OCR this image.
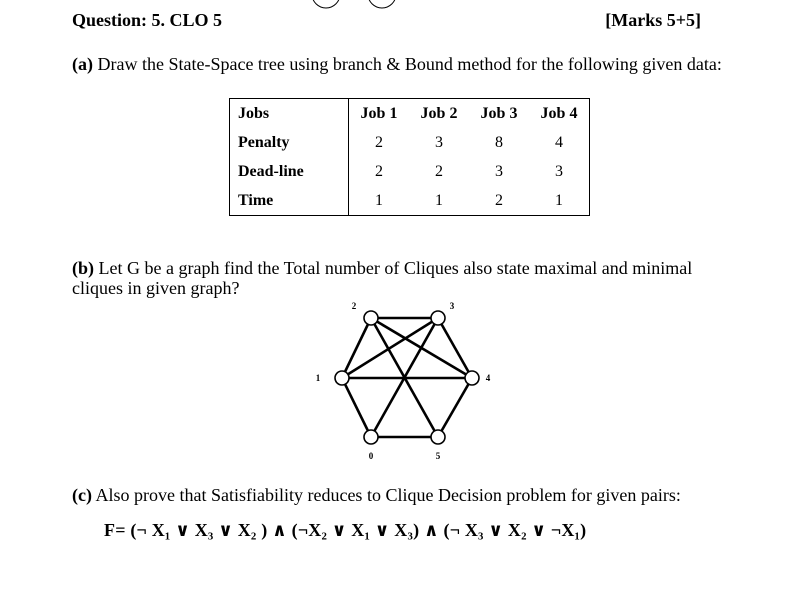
Question: 5. CLO 5	[Marks 5+5]
(a) Draw the State-Space tree using branch & Bound method for the following given data:
Jobs	Job 1	Job 2	Job 3	Job 4
Penalty	2	3	8	4
Dead-line	2	2	3	3
Time	1	1	2	1
(b) Let G be a graph find the Total number of Cliques also state maximal and minimal
cliques in given graph?
0
1
2	3
4
5
(c) Also prove that Satisfiability reduces to Clique Decision problem for given pairs:
F= (¬ X₁ ∨ X₃ ∨ X₂ ) ∧ (¬X₂ ∨ X₁ ∨ X₃) ∧ (¬ X₃ ∨ X₂ ∨ ¬X₁)
